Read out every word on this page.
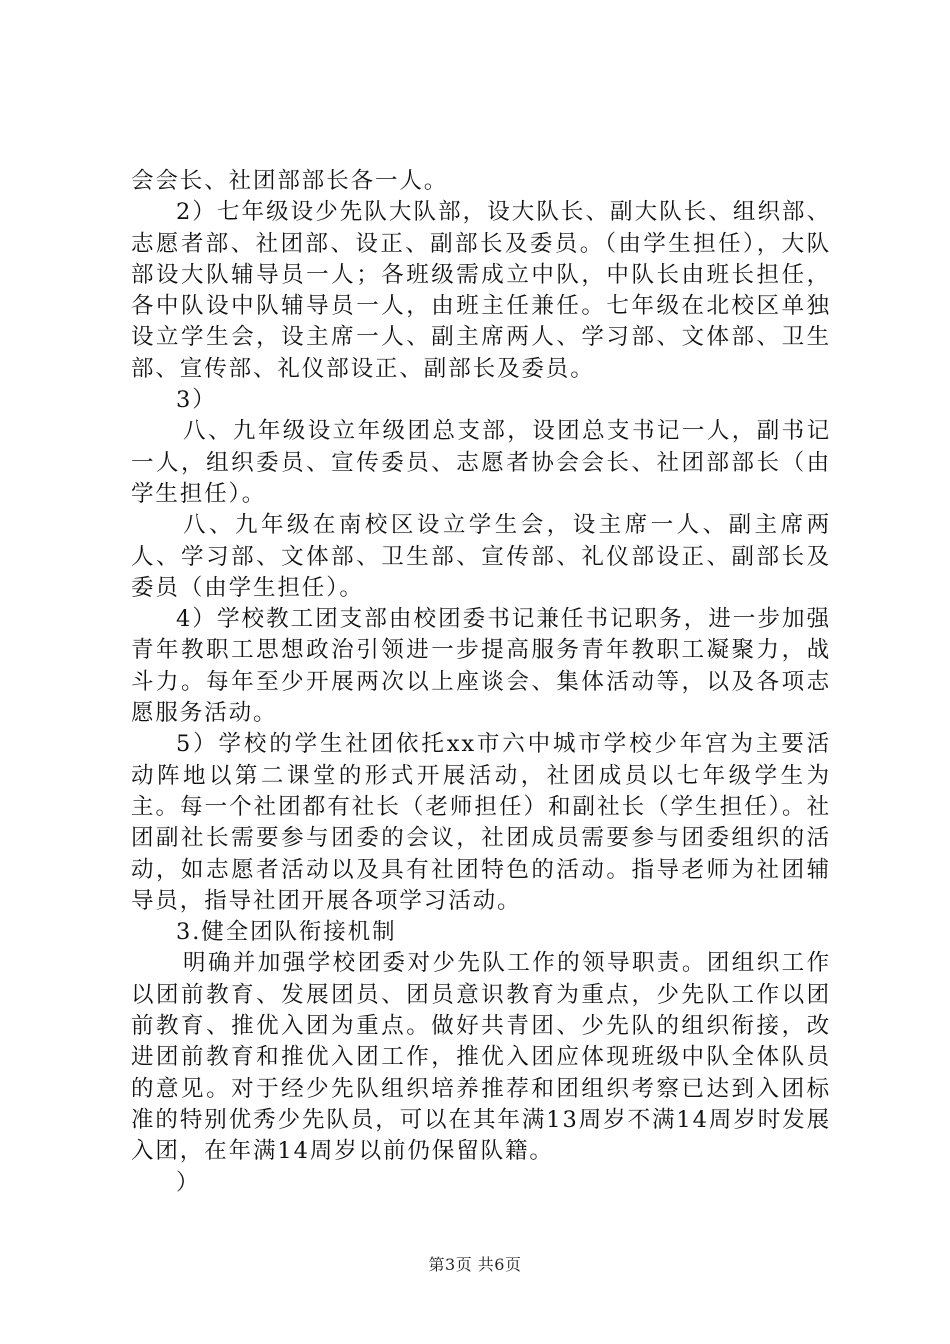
会会长、社团部部长各一人。

2）七年级设少先队大队部，设大队长、副大队长、组织部、志愿者部、社团部、设正、副部长及委员。（由学生担任），大队部设大队辅导员一人；各班级需成立中队，中队长由班长担任，各中队设中队辅导员一人，由班主任兼任。七年级在北校区单独设立学生会，设主席一人、副主席两人、学习部、文体部、卫生部、宣传部、礼仪部设正、副部长及委员。

3）

八、九年级设立年级团总支部，设团总支书记一人，副书记一人，组织委员、宣传委员、志愿者协会会长、社团部部长（由学生担任）。

八、九年级在南校区设立学生会，设主席一人、副主席两人、学习部、文体部、卫生部、宣传部、礼仪部设正、副部长及委员（由学生担任）。

4）学校教工团支部由校团委书记兼任书记职务，进一步加强青年教职工思想政治引领进一步提高服务青年教职工凝聚力，战斗力。每年至少开展两次以上座谈会、集体活动等，以及各项志愿服务活动。

5）学校的学生社团依托xx市六中城市学校少年宫为主要活动阵地以第二课堂的形式开展活动，社团成员以七年级学生为主。每一个社团都有社长（老师担任）和副社长（学生担任）。社团副社长需要参与团委的会议，社团成员需要参与团委组织的活动，如志愿者活动以及具有社团特色的活动。指导老师为社团辅导员，指导社团开展各项学习活动。

3.健全团队衔接机制

明确并加强学校团委对少先队工作的领导职责。团组织工作以团前教育、发展团员、团员意识教育为重点，少先队工作以团前教育、推优入团为重点。做好共青团、少先队的组织衔接，改进团前教育和推优入团工作，推优入团应体现班级中队全体队员的意见。对于经少先队组织培养推荐和团组织考察已达到入团标准的特别优秀少先队员，可以在其年满13周岁不满14周岁时发展入团，在年满14周岁以前仍保留队籍。

）

第3页 共6页
